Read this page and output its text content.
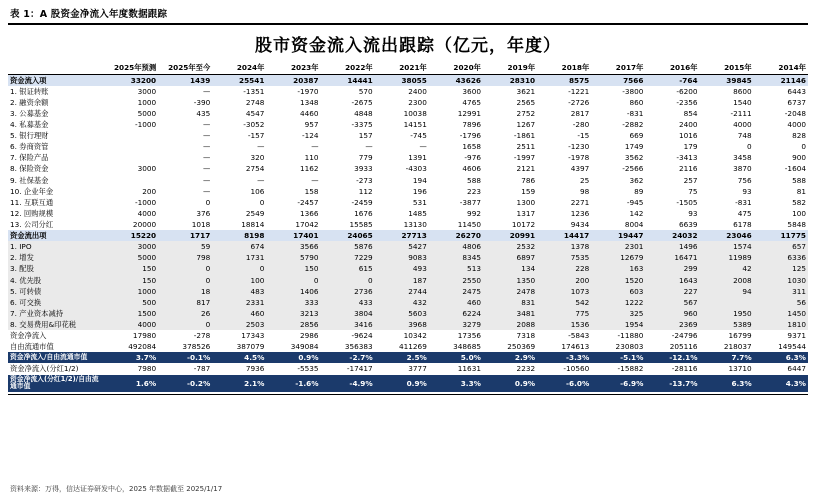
表 1：A 股资金净流入年度数据跟踪
股市资金流入流出跟踪（亿元，年度）
	2025年预测	2025年至今	2024年	2023年	2022年	2021年	2020年	2019年	2018年	2017年	2016年	2015年	2014年
资金流入项	33200	1439	25541	20387	14441	38055	43626	28310	8575	7566	-764	39845	21146
1. 银证转账	3000	—	-1351	-1970	570	2400	3600	3621	-1221	-3800	-6200	8600	6443
2. 融资余额	1000	-390	2748	1348	-2675	2300	4765	2565	-2726	860	-2356	1540	6737
3. 公募基金	5000	435	4547	4460	4848	10038	12991	2752	2817	-831	854	-2111	-2048
4. 私募基金	-1000	—	-3052	957	-3375	14151	7896	1267	-280	-2882	2400	4000	4000
5. 银行理财		—	-157	-124	157	-745	-1796	-1861	-15	669	1016	748	828
6. 券商资管		—	—	—	—	—	1658	2511	-1230	1749	179	0	0
7. 保险产品		—	320	110	779	1391	-976	-1997	-1978	3562	-3413	3458	900
8. 保险资金	3000	—	2754	1162	3933	-4303	4606	2121	4397	-2566	2116	3870	-1604
9. 社保基金		—	—	—	-273	194	588	786	25	362	257	756	588
10. 企业年金	200	—	106	158	112	196	223	159	98	89	75	93	81
11. 互联互通	-1000	0	0	-2457	-2459	531	-3877	1300	2271	-945	-1505	-831	582
12. 回购规模	4000	376	2549	1366	1676	1485	992	1317	1236	142	93	475	100
13. 公司分红	20000	1018	18814	17042	15585	13130	11450	10172	9434	8004	6639	6178	5848
资金流出项	15220	1717	8198	17401	24065	27713	26270	20991	14417	19447	24032	23046	11775
1. IPO	3000	59	674	3566	5876	5427	4806	2532	1378	2301	1496	1574	657
2. 增发	5000	798	1731	5790	7229	9083	8345	6897	7535	12679	16471	11989	6336
3. 配股	150	0	0	150	615	493	513	134	228	163	299	42	125
4. 优先股	150	0	100	0	0	187	2550	1350	200	1520	1643	2008	1030
5. 可转债	1000	18	483	1406	2736	2744	2475	2478	1073	603	227	94	311
6. 可交换	500	817	2331	333	433	432	460	831	542	1222	567		56
7. 产业资本减持	1500	26	460	3213	3804	5603	6224	3481	775	325	960	1950	1450
8. 交易费用&印花税	4000	0	2503	2856	3416	3968	3279	2088	1536	1954	2369	5389	1810
资金净流入	17980	-278	17343	2986	-9624	10342	17356	7318	-5843	-11880	-24796	16799	9371
自由流通市值	492084	378526	387079	349084	356383	411269	348685	250369	174613	230803	205116	218037	149544
资金净流入/自由流通市值	3.7%	-0.1%	4.5%	0.9%	-2.7%	2.5%	5.0%	2.9%	-3.3%	-5.1%	-12.1%	7.7%	6.3%
资金净流入(分红1/2)	7980	-787	7936	-5535	-17417	3777	11631	2232	-10560	-15882	-28116	13710	6447
资金净流入(分红1/2)/自由流通市值	1.6%	-0.2%	2.1%	-1.6%	-4.9%	0.9%	3.3%	0.9%	-6.0%	-6.9%	-13.7%	6.3%	4.3%
资料来源：万得，信达证券研发中心，2025 年数据截至 2025/1/17
